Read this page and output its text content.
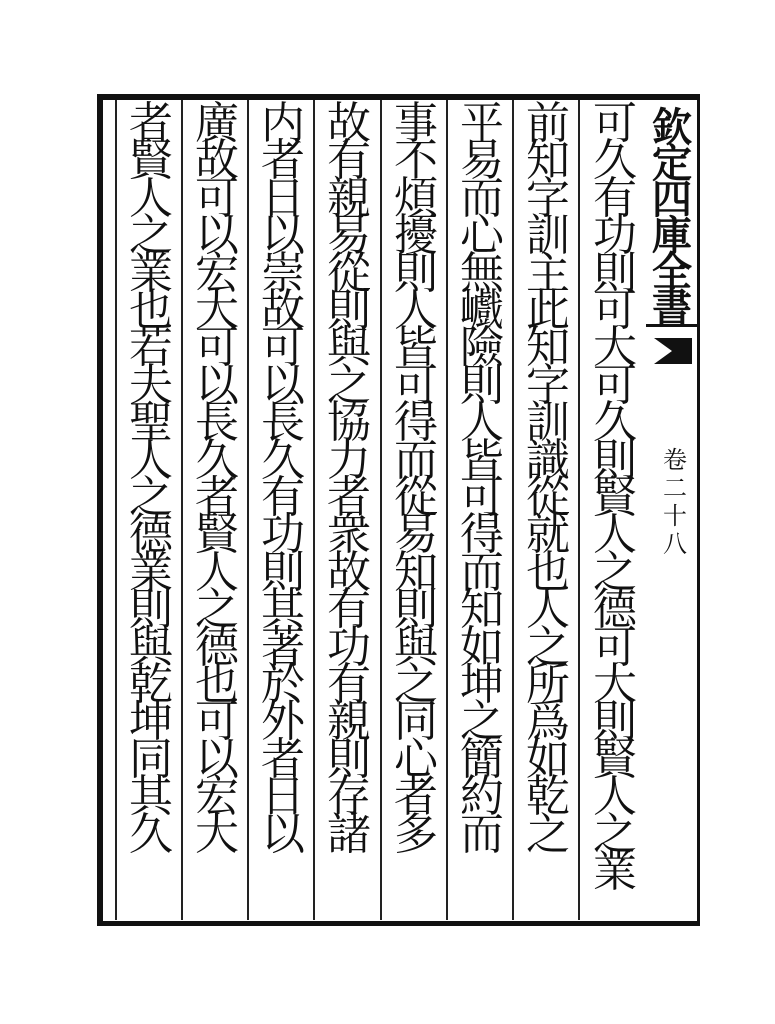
可
久
有
功
則
可
大
可
久
則
賢
人
之
德
可
大
則
賢
人
之
業
前
知
字
訓
主
此
知
字
訓
識
從
就
也
人
之
所
爲
如
乾
之
平
易
而
心
無
巇
險
則
人
皆
可
得
而
知
如
坤
之
簡
約
而
事
不
煩
擾
則
人
皆
可
得
而
從
易
知
則
與
之
同
心
者
多
故
有
親
易
從
則
與
之
協
力
者
衆
故
有
功
有
親
則
存
諸
内
者
日
以
崇
故
可
以
長
久
有
功
則
其
著
於
外
者
日
以
廣
故
可
以
宏
大
可
以
長
久
者
賢
人
之
德
也
可
以
宏
大
者
賢
人
之
業
也
若
夫
聖
人
之
德
業
則
與
乾
坤
同
其
久
欽
定
四
庫
全
書
卷
二
十
八
